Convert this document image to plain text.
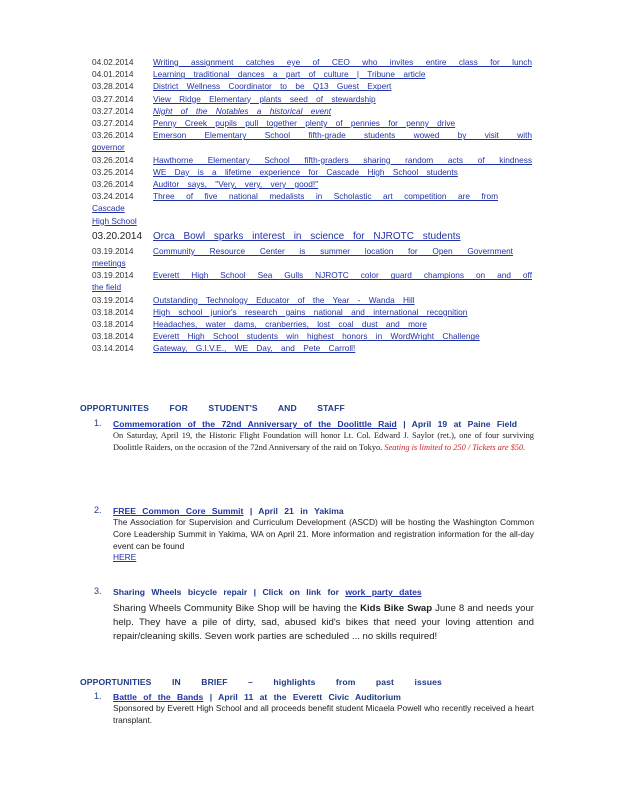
04.02.2014	Writing assignment catches eye of CEO who invites entire class for lunch
04.01.2014	Learning traditional dances a part of culture | Tribune article
03.28.2014	District Wellness Coordinator to be Q13 Guest Expert
03.27.2014	View Ridge Elementary plants seed of stewardship
03.27.2014	Night of the Notables a historical event
03.27.2014	Penny Creek pupils pull together plenty of pennies for penny drive
03.26.2014	Emerson Elementary School fifth-grade students wowed by visit with
governor
03.26.2014	Hawthorne Elementary School fifth-graders sharing random acts of kindness
03.25.2014	WE Day is a lifetime experience for Cascade High School students
03.26.2014	Auditor says, "Very, very, very good!"
03.24.2014	Three of five national medalists in Scholastic art competition are from
Cascade
High School
03.20.2014	Orca Bowl sparks interest in science for NJROTC students
03.19.2014	Community Resource Center is summer location for Open Government
meetings
03.19.2014	Everett High School Sea Gulls NJROTC color guard champions on and off
the field
03.19.2014	Outstanding Technology Educator of the Year - Wanda Hill
03.18.2014	High school junior's research gains national and international recognition
03.18.2014	Headaches, water dams, cranberries, lost coal dust and more
03.18.2014	Everett High School students win highest honors in WordWright Challenge
03.14.2014	Gateway, G.I.V.E., WE Day, and Pete Carroll!
OPPORTUNITES FOR STUDENT'S AND STAFF
1. Commemoration of the 72nd Anniversary of the Doolittle Raid | April 19 at Paine Field
On Saturday, April 19, the Historic Flight Foundation will honor Lt. Col. Edward J. Saylor (ret.), one of four surviving Doolittle Raiders, on the occasion of the 72nd Anniversary of the raid on Tokyo. Seating is limited to 250 / Tickets are $50.
2. FREE Common Core Summit | April 21 in Yakima
The Association for Supervision and Curriculum Development (ASCD) will be hosting the Washington Common Core Leadership Summit in Yakima, WA on April 21. More information and registration information for the all-day event can be found
HERE
3. Sharing Wheels bicycle repair | Click on link for work party dates
Sharing Wheels Community Bike Shop will be having the Kids Bike Swap June 8 and needs your help. They have a pile of dirty, sad, abused kid's bikes that need your loving attention and repair/cleaning skills. Seven work parties are scheduled ... no skills required!
OPPORTUNITIES IN BRIEF – highlights from past issues
1. Battle of the Bands | April 11 at the Everett Civic Auditorium
Sponsored by Everett High School and all proceeds benefit student Micaela Powell who recently received a heart transplant.
